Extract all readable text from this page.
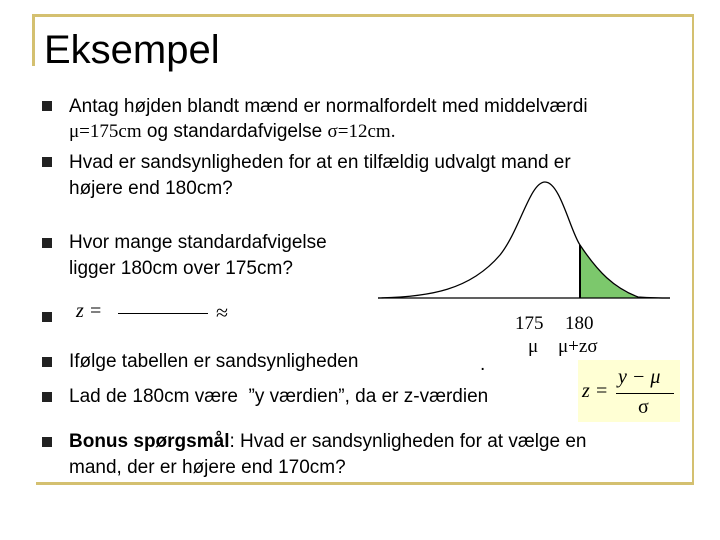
Eksempel
Antag højden blandt mænd er normalfordelt med middelværdi
μ=175cm og standardafvigelse σ=12cm.
Hvad er sandsynligheden for at en tilfældig udvalgt mand er
højere end 180cm?
Hvor mange standardafvigelse
ligger 180cm over 175cm?
z =	≈
Ifølge tabellen er sandsynligheden	.
Lad de 180cm være  ”y værdien”, da er z-værdien
Bonus spørgsmål: Hvad er sandsynligheden for at vælge en
mand, der er højere end 170cm?
175 180
μ μ+zσ
z =
y − μ
σ
